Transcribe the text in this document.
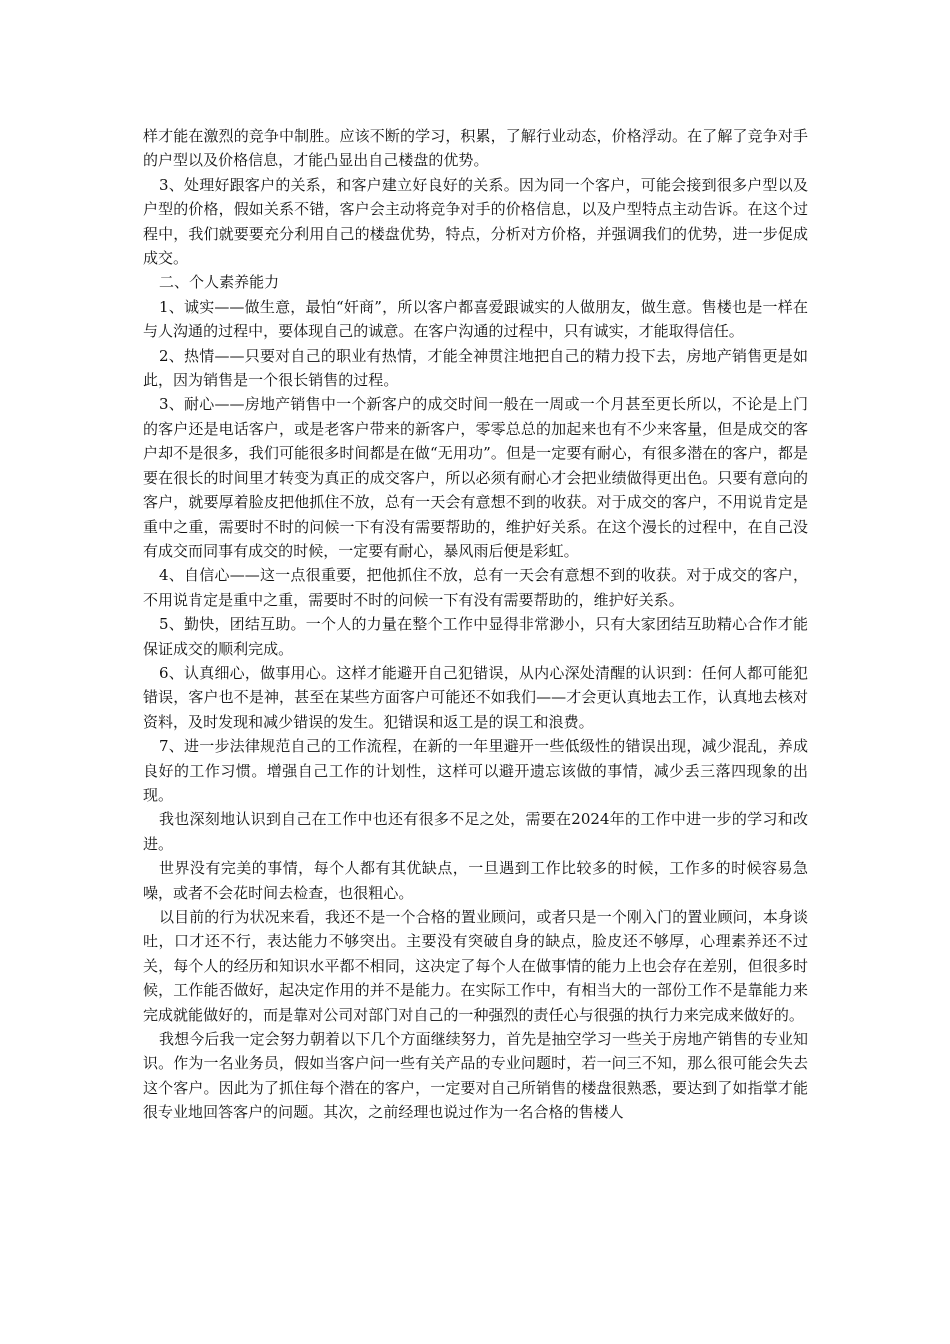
样才能在激烈的竞争中制胜。应该不断的学习，积累，了解行业动态，价格浮动。在了解了竞争对手的户型以及价格信息，才能凸显出自己楼盘的优势。

3、处理好跟客户的关系，和客户建立好良好的关系。因为同一个客户，可能会接到很多户型以及户型的价格，假如关系不错，客户会主动将竞争对手的价格信息，以及户型特点主动告诉。在这个过程中，我们就要要充分利用自己的楼盘优势，特点，分析对方价格，并强调我们的优势，进一步促成成交。

二、个人素养能力

1、诚实——做生意，最怕“奸商”，所以客户都喜爱跟诚实的人做朋友，做生意。售楼也是一样在与人沟通的过程中，要体现自己的诚意。在客户沟通的过程中，只有诚实，才能取得信任。

2、热情——只要对自己的职业有热情，才能全神贯注地把自己的精力投下去，房地产销售更是如此，因为销售是一个很长销售的过程。

3、耐心——房地产销售中一个新客户的成交时间一般在一周或一个月甚至更长所以，不论是上门的客户还是电话客户，或是老客户带来的新客户，零零总总的加起来也有不少来客量，但是成交的客户却不是很多，我们可能很多时间都是在做“无用功”。但是一定要有耐心，有很多潜在的客户，都是要在很长的时间里才转变为真正的成交客户，所以必须有耐心才会把业绩做得更出色。只要有意向的客户，就要厚着脸皮把他抓住不放，总有一天会有意想不到的收获。对于成交的客户，不用说肯定是重中之重，需要时不时的问候一下有没有需要帮助的，维护好关系。在这个漫长的过程中，在自己没有成交而同事有成交的时候，一定要有耐心，暴风雨后便是彩虹。

4、自信心——这一点很重要，把他抓住不放，总有一天会有意想不到的收获。对于成交的客户，不用说肯定是重中之重，需要时不时的问候一下有没有需要帮助的，维护好关系。

5、勤快，团结互助。一个人的力量在整个工作中显得非常渺小，只有大家团结互助精心合作才能保证成交的顺利完成。

6、认真细心，做事用心。这样才能避开自己犯错误，从内心深处清醒的认识到：任何人都可能犯错误，客户也不是神，甚至在某些方面客户可能还不如我们——才会更认真地去工作，认真地去核对资料，及时发现和减少错误的发生。犯错误和返工是的误工和浪费。

7、进一步法律规范自己的工作流程，在新的一年里避开一些低级性的错误出现，减少混乱，养成良好的工作习惯。增强自己工作的计划性，这样可以避开遗忘该做的事情，减少丢三落四现象的出现。

我也深刻地认识到自己在工作中也还有很多不足之处，需要在2024年的工作中进一步的学习和改进。

世界没有完美的事情，每个人都有其优缺点，一旦遇到工作比较多的时候，工作多的时候容易急噪，或者不会花时间去检查，也很粗心。

以目前的行为状况来看，我还不是一个合格的置业顾问，或者只是一个刚入门的置业顾问，本身谈吐，口才还不行，表达能力不够突出。主要没有突破自身的缺点，脸皮还不够厚，心理素养还不过关，每个人的经历和知识水平都不相同，这决定了每个人在做事情的能力上也会存在差别，但很多时候，工作能否做好，起决定作用的并不是能力。在实际工作中，有相当大的一部份工作不是靠能力来完成就能做好的，而是靠对公司对部门对自己的一种强烈的责任心与很强的执行力来完成来做好的。

我想今后我一定会努力朝着以下几个方面继续努力，首先是抽空学习一些关于房地产销售的专业知识。作为一名业务员，假如当客户问一些有关产品的专业问题时，若一问三不知，那么很可能会失去这个客户。因此为了抓住每个潜在的客户，一定要对自己所销售的楼盘很熟悉，要达到了如指掌才能很专业地回答客户的问题。其次，之前经理也说过作为一名合格的售楼人
